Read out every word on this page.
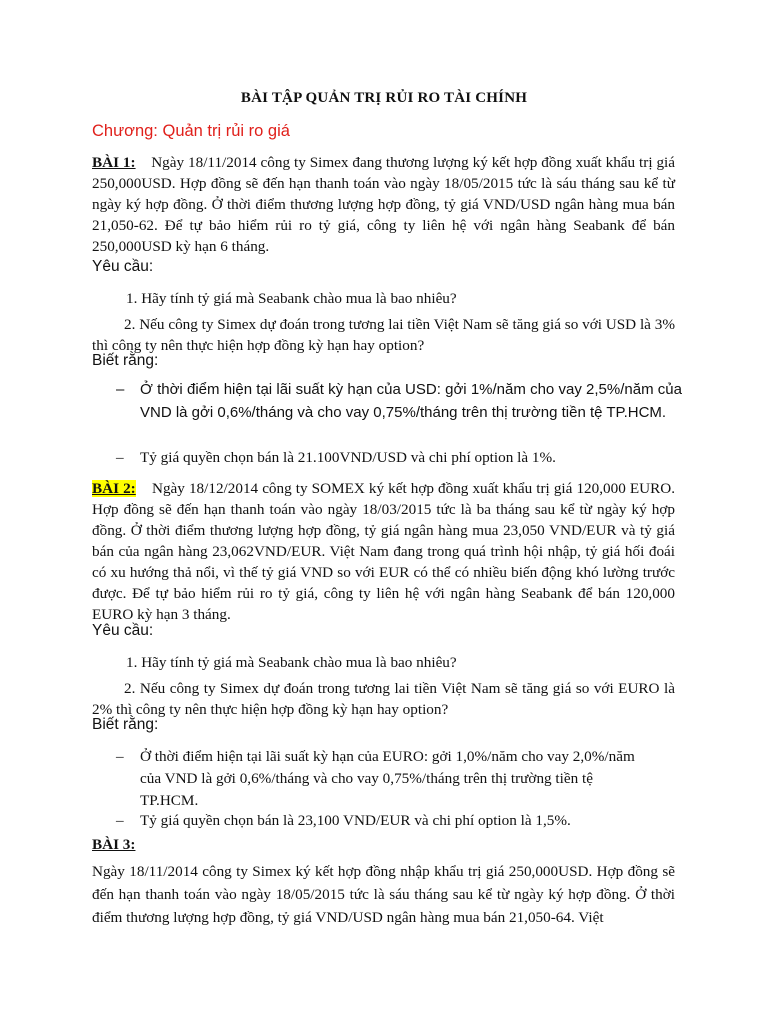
BÀI TẬP QUẢN TRỊ RỦI RO TÀI CHÍNH
Chương: Quản trị rủi ro giá

BÀI 1: Ngày 18/11/2014 công ty Simex đang thương lượng ký kết hợp đồng xuất khẩu trị giá 250,000USD. Hợp đồng sẽ đến hạn thanh toán vào ngày 18/05/2015 tức là sáu tháng sau kể từ ngày ký hợp đồng. Ở thời điểm thương lượng hợp đồng, tỷ giá VND/USD ngân hàng mua bán 21,050-62. Để tự bảo hiểm rủi ro tỷ giá, công ty liên hệ với ngân hàng Seabank để bán 250,000USD kỳ hạn 6 tháng.

Yêu cầu:
1. Hãy tính tỷ giá mà Seabank chào mua là bao nhiêu?

2. Nếu công ty Simex dự đoán trong tương lai tiền Việt Nam sẽ tăng giá so với USD là 3% thì công ty nên thực hiện hợp đồng kỳ hạn hay option?

Biết rằng:
–	Ở thời điểm hiện tại lãi suất kỳ hạn của USD: gởi 1%/năm cho vay 2,5%/năm của VND là gởi 0,6%/tháng và cho vay 0,75%/tháng trên thị trường tiền tệ TP.HCM.
–	Tỷ giá quyền chọn bán là 21.100VND/USD và chi phí option là 1%.

BÀI 2: Ngày 18/12/2014 công ty SOMEX ký kết hợp đồng xuất khẩu trị giá 120,000 EURO. Hợp đồng sẽ đến hạn thanh toán vào ngày 18/03/2015 tức là ba tháng sau kể từ ngày ký hợp đồng. Ở thời điểm thương lượng hợp đồng, tỷ giá ngân hàng mua 23,050 VND/EUR và tỷ giá bán của ngân hàng 23,062VND/EUR. Việt Nam đang trong quá trình hội nhập, tỷ giá hối đoái có xu hướng thả nổi, vì thế tỷ giá VND so với EUR có thể có nhiều biến động khó lường trước được. Để tự bảo hiểm rủi ro tỷ giá, công ty liên hệ với ngân hàng Seabank để bán 120,000 EURO kỳ hạn 3 tháng.

Yêu cầu:
1. Hãy tính tỷ giá mà Seabank chào mua là bao nhiêu?

2. Nếu công ty Simex dự đoán trong tương lai tiền Việt Nam sẽ tăng giá so với EURO là 2% thì công ty nên thực hiện hợp đồng kỳ hạn hay option?

Biết rằng:
–	Ở thời điểm hiện tại lãi suất kỳ hạn của EURO: gởi 1,0%/năm cho vay 2,0%/năm của VND là gởi 0,6%/tháng và cho vay 0,75%/tháng trên thị trường tiền tệ TP.HCM.
–	Tỷ giá quyền chọn bán là 23,100 VND/EUR và chi phí option là 1,5%.
BÀI 3:

Ngày 18/11/2014 công ty Simex ký kết hợp đồng nhập khẩu trị giá 250,000USD. Hợp đồng sẽ đến hạn thanh toán vào ngày 18/05/2015 tức là sáu tháng sau kể từ ngày ký hợp đồng. Ở thời điểm thương lượng hợp đồng, tỷ giá VND/USD ngân hàng mua bán 21,050-64. Việt
